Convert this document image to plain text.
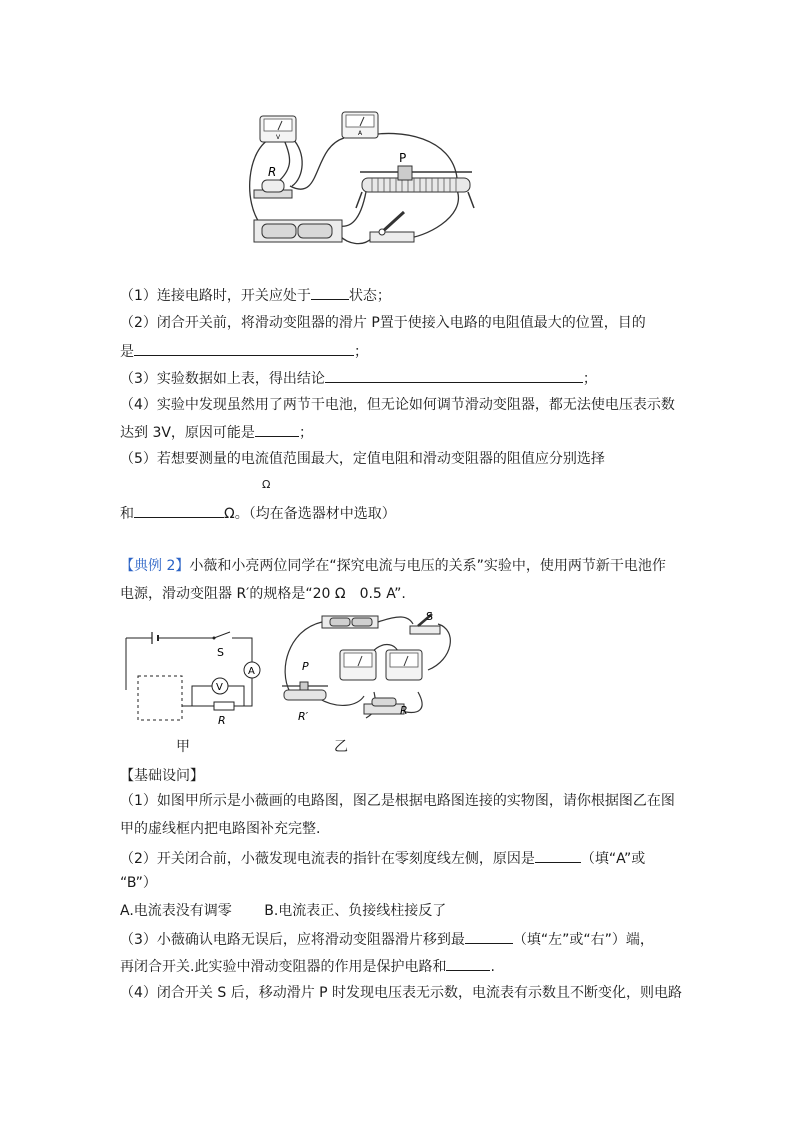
V
A
R
P
（1）连接电路时，开关应处于	状态；
（2）闭合开关前，将滑动变阻器的滑片 P置于使接入电路的电阻值最大的位置，目的
是	；
（3）实验数据如上表，得出结论	；
（4）实验中发现虽然用了两节干电池，但无论如何调节滑动变阻器，都无法使电压表示数
达到 3V，原因可能是	；
（5）若想要测量的电流值范围最大，定值电阻和滑动变阻器的阻值应分别选择
Ω
和	Ω。（均在备选器材中选取）
【典例 2】小薇和小亮两位同学在“探究电流与电压的关系”实验中，使用两节新干电池作
电源，滑动变阻器 R′的规格是“20 Ω　0.5 A”.
S
A
V
R
甲
S
P
R′	R
乙
【基础设问】
（1）如图甲所示是小薇画的电路图，图乙是根据电路图连接的实物图，请你根据图乙在图
甲的虚线框内把电路图补充完整.
（2）开关闭合前，小薇发现电流表的指针在零刻度线左侧，原因是	（填“A”或
“B”）
A.电流表没有调零　　 B.电流表正、负接线柱接反了
（3）小薇确认电路无误后，应将滑动变阻器滑片移到最	（填“左”或“右”）端，
再闭合开关.此实验中滑动变阻器的作用是保护电路和	.
（4）闭合开关 S 后，移动滑片 P 时发现电压表无示数，电流表有示数且不断变化，则电路
